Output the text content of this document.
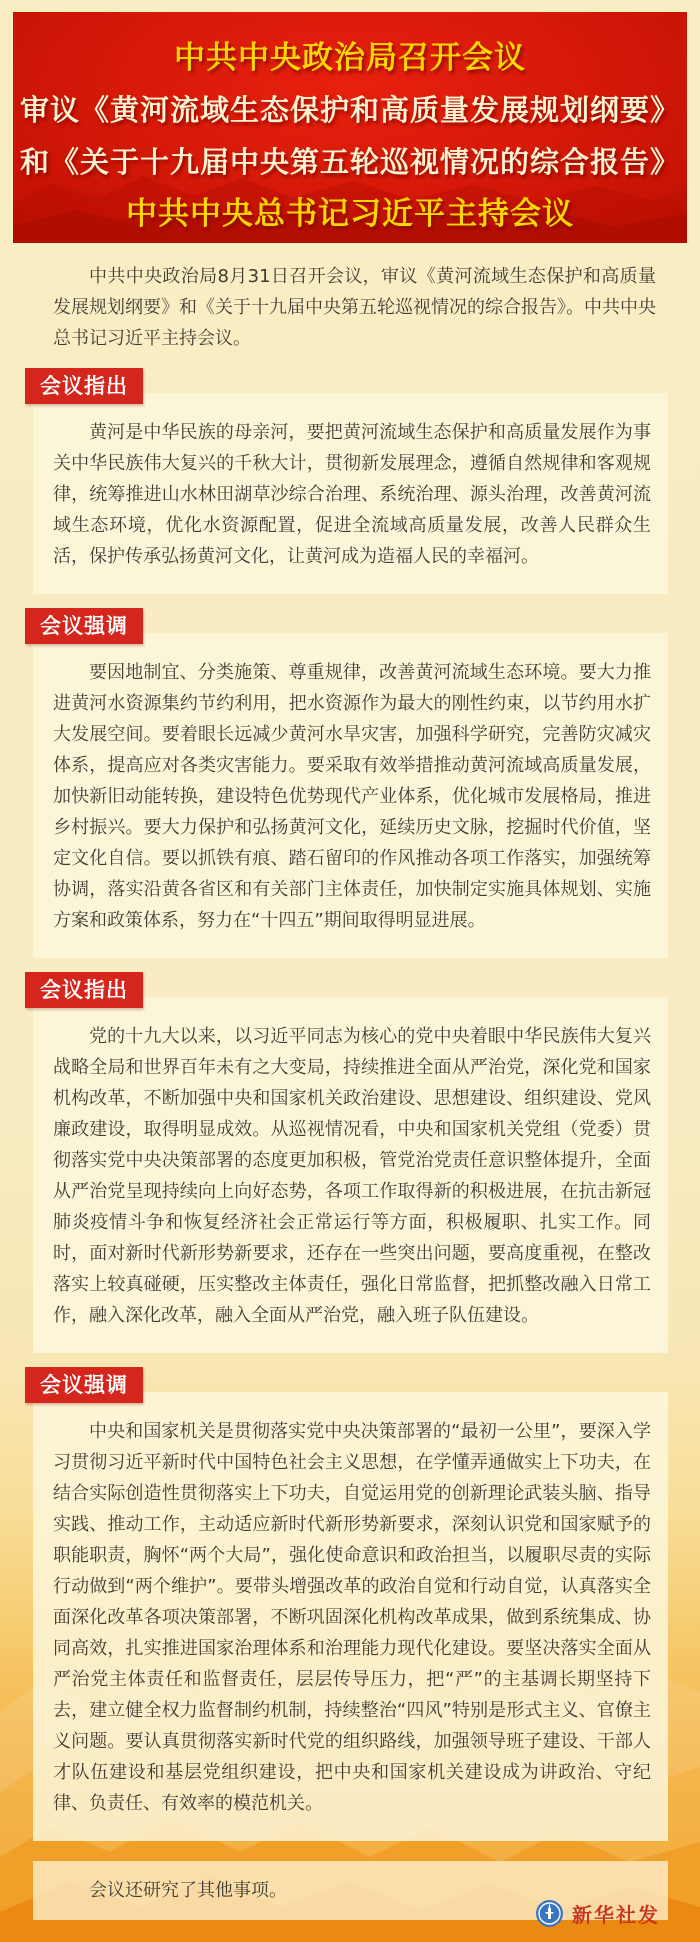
中共中央政治局召开会议
审议《黄河流域生态保护和高质量发展规划纲要》
和《关于十九届中央第五轮巡视情况的综合报告》
中共中央总书记习近平主持会议

中共中央政治局8月31日召开会议，审议《黄河流域生态保护和高质量发展规划纲要》和《关于十九届中央第五轮巡视情况的综合报告》。中共中央总书记习近平主持会议。

会议指出

黄河是中华民族的母亲河，要把黄河流域生态保护和高质量发展作为事关中华民族伟大复兴的千秋大计，贯彻新发展理念，遵循自然规律和客观规律，统筹推进山水林田湖草沙综合治理、系统治理、源头治理，改善黄河流域生态环境，优化水资源配置，促进全流域高质量发展，改善人民群众生活，保护传承弘扬黄河文化，让黄河成为造福人民的幸福河。

会议强调

要因地制宜、分类施策、尊重规律，改善黄河流域生态环境。要大力推进黄河水资源集约节约利用，把水资源作为最大的刚性约束，以节约用水扩大发展空间。要着眼长远减少黄河水旱灾害，加强科学研究，完善防灾减灾体系，提高应对各类灾害能力。要采取有效举措推动黄河流域高质量发展，加快新旧动能转换，建设特色优势现代产业体系，优化城市发展格局，推进乡村振兴。要大力保护和弘扬黄河文化，延续历史文脉，挖掘时代价值，坚定文化自信。要以抓铁有痕、踏石留印的作风推动各项工作落实，加强统筹协调，落实沿黄各省区和有关部门主体责任，加快制定实施具体规划、实施方案和政策体系，努力在“十四五”期间取得明显进展。

会议指出

党的十九大以来，以习近平同志为核心的党中央着眼中华民族伟大复兴战略全局和世界百年未有之大变局，持续推进全面从严治党，深化党和国家机构改革，不断加强中央和国家机关政治建设、思想建设、组织建设、党风廉政建设，取得明显成效。从巡视情况看，中央和国家机关党组（党委）贯彻落实党中央决策部署的态度更加积极，管党治党责任意识整体提升，全面从严治党呈现持续向上向好态势，各项工作取得新的积极进展，在抗击新冠肺炎疫情斗争和恢复经济社会正常运行等方面，积极履职、扎实工作。同时，面对新时代新形势新要求，还存在一些突出问题，要高度重视，在整改落实上较真碰硬，压实整改主体责任，强化日常监督，把抓整改融入日常工作，融入深化改革，融入全面从严治党，融入班子队伍建设。

会议强调

中央和国家机关是贯彻落实党中央决策部署的“最初一公里”，要深入学习贯彻习近平新时代中国特色社会主义思想，在学懂弄通做实上下功夫，在结合实际创造性贯彻落实上下功夫，自觉运用党的创新理论武装头脑、指导实践、推动工作，主动适应新时代新形势新要求，深刻认识党和国家赋予的职能职责，胸怀“两个大局”，强化使命意识和政治担当，以履职尽责的实际行动做到“两个维护”。要带头增强改革的政治自觉和行动自觉，认真落实全面深化改革各项决策部署，不断巩固深化机构改革成果，做到系统集成、协同高效，扎实推进国家治理体系和治理能力现代化建设。要坚决落实全面从严治党主体责任和监督责任，层层传导压力，把“严”的主基调长期坚持下去，建立健全权力监督制约机制，持续整治“四风”特别是形式主义、官僚主义问题。要认真贯彻落实新时代党的组织路线，加强领导班子建设、干部人才队伍建设和基层党组织建设，把中央和国家机关建设成为讲政治、守纪律、负责任、有效率的模范机关。

会议还研究了其他事项。

新华社发
